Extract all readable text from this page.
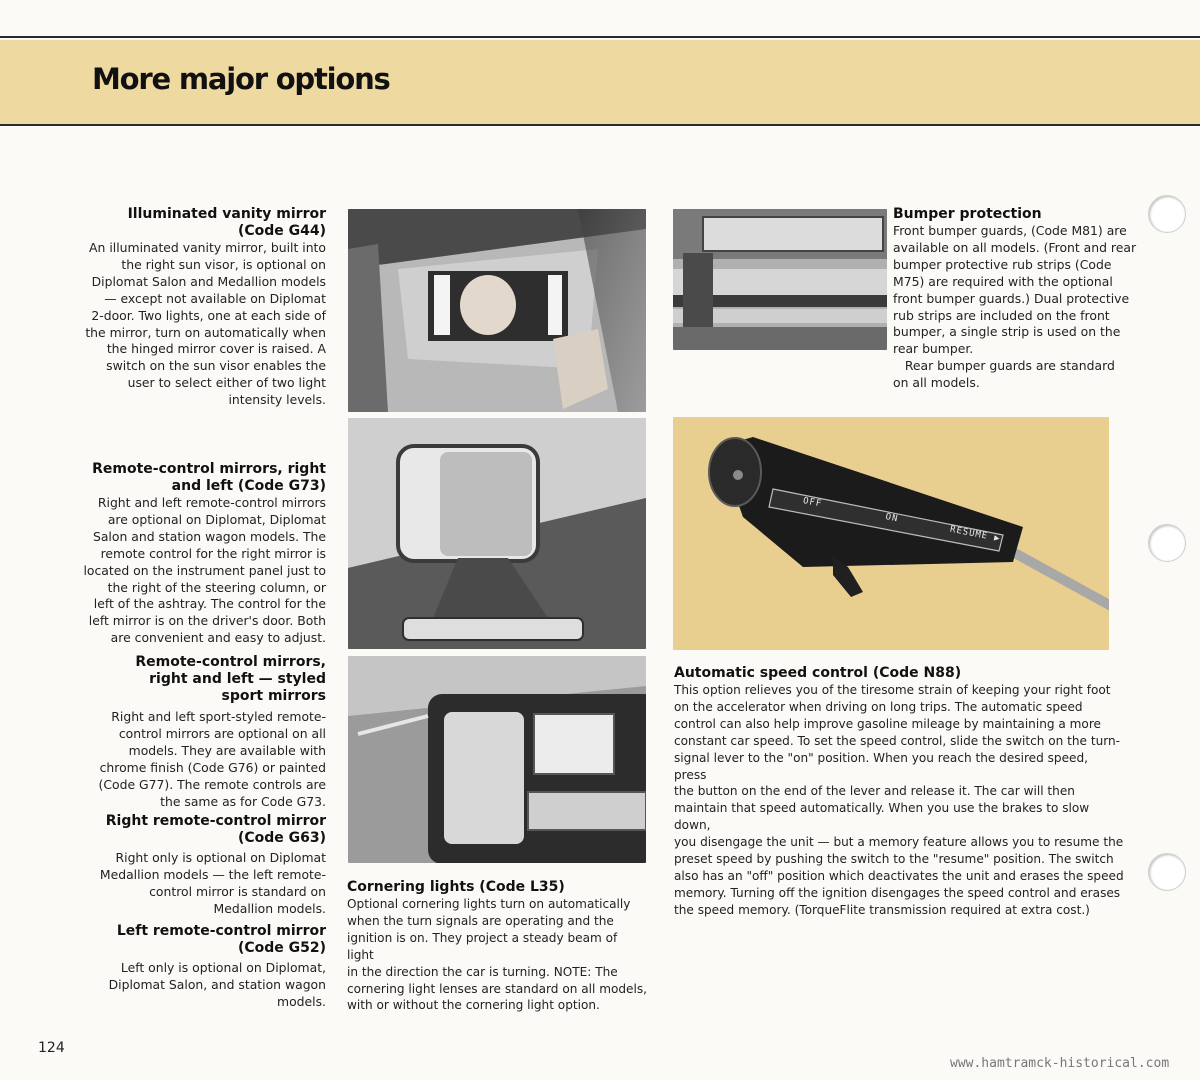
More major options

Illuminated vanity mirror

(Code G44)

An illuminated vanity mirror, built into

the right sun visor, is optional on

Diplomat Salon and Medallion models

— except not available on Diplomat

2-door. Two lights, one at each side of

the mirror, turn on automatically when

the hinged mirror cover is raised. A

switch on the sun visor enables the

user to select either of two light

intensity levels.

Remote-control mirrors, right

and left (Code G73)

Right and left remote-control mirrors

are optional on Diplomat, Diplomat

Salon and station wagon models. The

remote control for the right mirror is

located on the instrument panel just to

the right of the steering column, or

left of the ashtray. The control for the

left mirror is on the driver's door. Both

are convenient and easy to adjust.

Remote-control mirrors,

right and left — styled

sport mirrors

Right and left sport-styled remote-

control mirrors are optional on all

models. They are available with

chrome finish (Code G76) or painted

(Code G77). The remote controls are

the same as for Code G73.

Right remote-control mirror

(Code G63)

Right only is optional on Diplomat

Medallion models — the left remote-

control mirror is standard on

Medallion models.

Left remote-control mirror

(Code G52)

Left only is optional on Diplomat,

Diplomat Salon, and station wagon

models.

OFF  ON  RESUME ▶

Bumper protection

Front bumper guards, (Code M81) are

available on all models. (Front and rear

bumper protective rub strips (Code

M75) are required with the optional

front bumper guards.) Dual protective

rub strips are included on the front

bumper, a single strip is used on the

rear bumper.

Rear bumper guards are standard

on all models.

Automatic speed control (Code N88)

This option relieves you of the tiresome strain of keeping your right foot

on the accelerator when driving on long trips. The automatic speed

control can also help improve gasoline mileage by maintaining a more

constant car speed. To set the speed control, slide the switch on the turn-

signal lever to the "on" position. When you reach the desired speed, press

the button on the end of the lever and release it. The car will then

maintain that speed automatically. When you use the brakes to slow down,

you disengage the unit — but a memory feature allows you to resume the

preset speed by pushing the switch to the "resume" position. The switch

also has an "off" position which deactivates the unit and erases the speed

memory. Turning off the ignition disengages the speed control and erases

the speed memory. (TorqueFlite transmission required at extra cost.)

Cornering lights (Code L35)

Optional cornering lights turn on automatically

when the turn signals are operating and the

ignition is on. They project a steady beam of light

in the direction the car is turning. NOTE: The

cornering light lenses are standard on all models,

with or without the cornering light option.

124
www.hamtramck-historical.com
